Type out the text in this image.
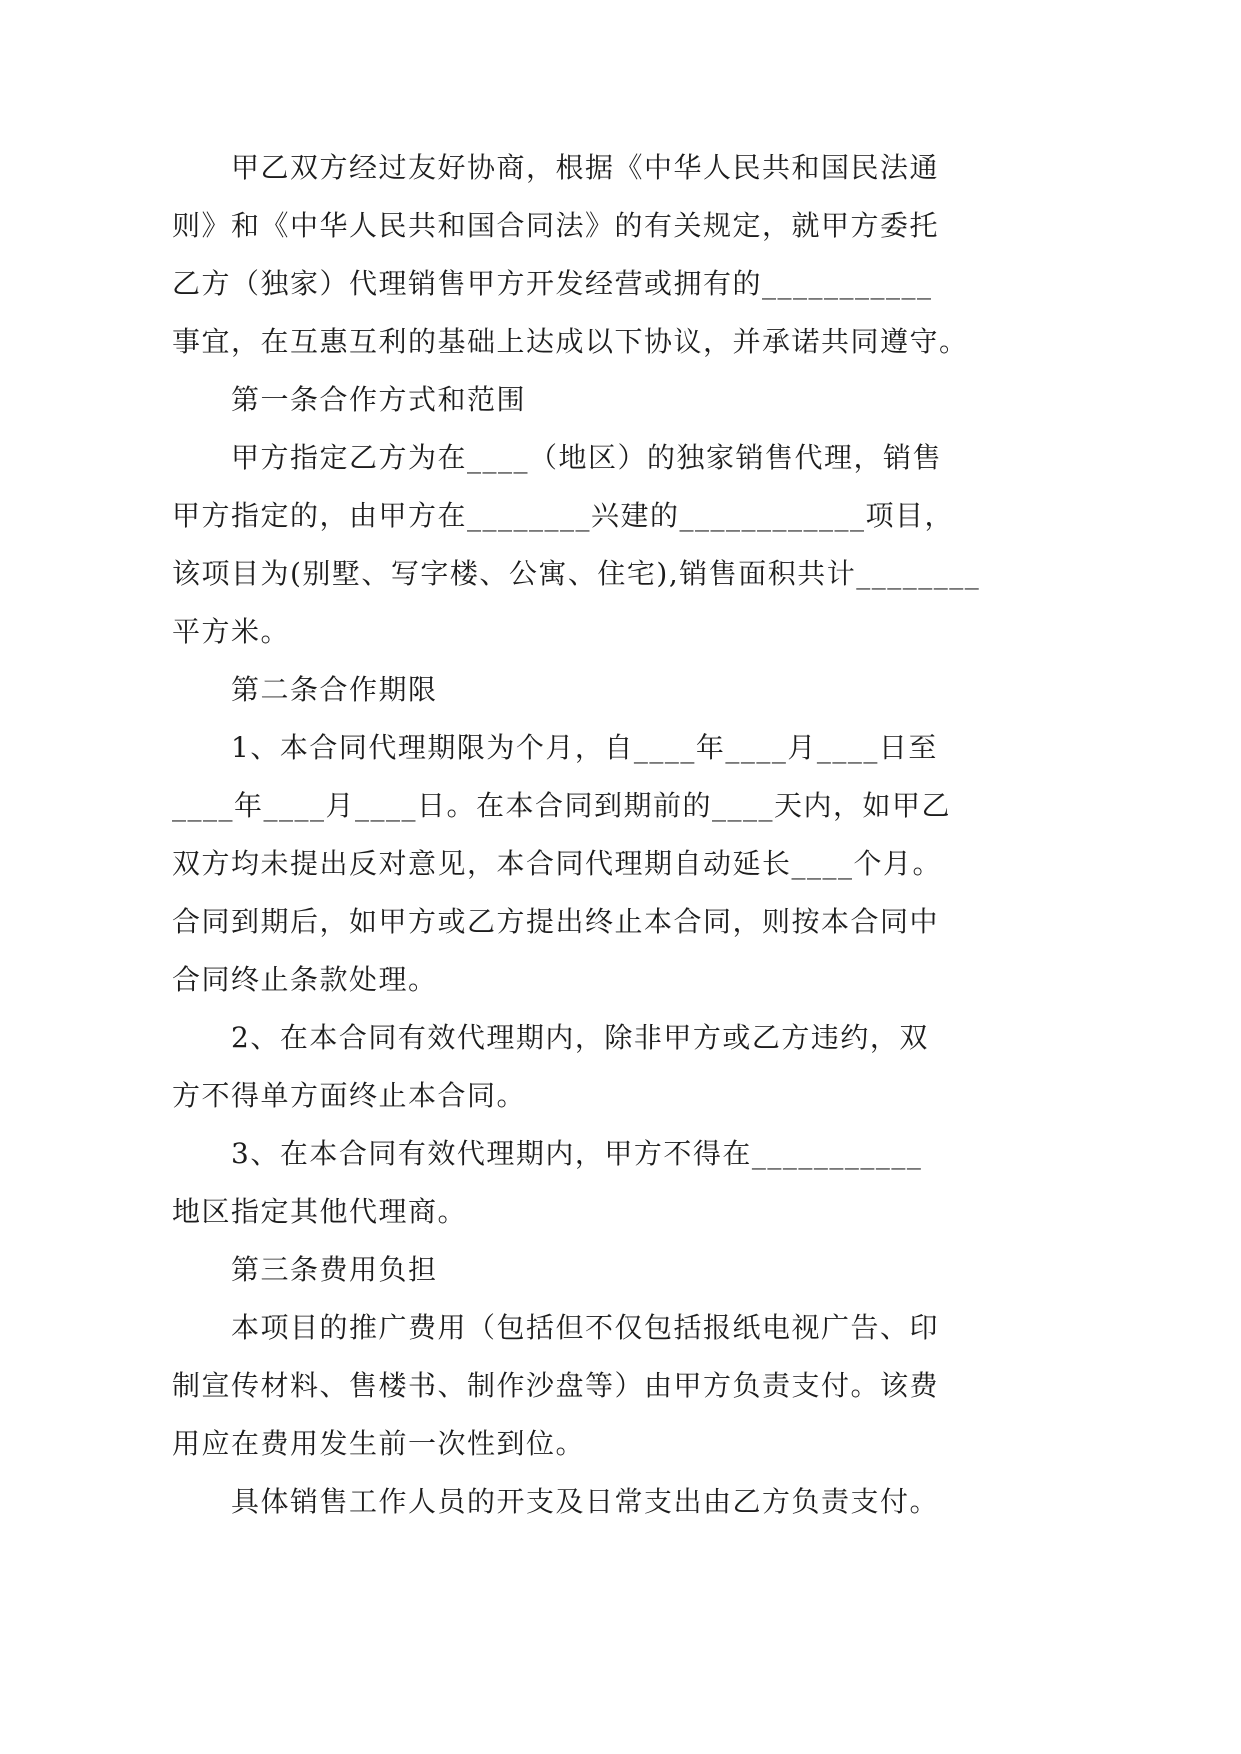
甲乙双方经过友好协商，根据《中华人民共和国民法通
则》和《中华人民共和国合同法》的有关规定，就甲方委托
乙方（独家）代理销售甲方开发经营或拥有的___________
事宜，在互惠互利的基础上达成以下协议，并承诺共同遵守。
第一条合作方式和范围
甲方指定乙方为在____（地区）的独家销售代理，销售
甲方指定的，由甲方在________兴建的____________项目，
该项目为(别墅、写字楼、公寓、住宅),销售面积共计________
平方米。
第二条合作期限
1、本合同代理期限为个月，自____年____月____日至
____年____月____日。在本合同到期前的____天内，如甲乙
双方均未提出反对意见，本合同代理期自动延长____个月。
合同到期后，如甲方或乙方提出终止本合同，则按本合同中
合同终止条款处理。
2、在本合同有效代理期内，除非甲方或乙方违约，双
方不得单方面终止本合同。
3、在本合同有效代理期内，甲方不得在___________
地区指定其他代理商。
第三条费用负担
本项目的推广费用（包括但不仅包括报纸电视广告、印
制宣传材料、售楼书、制作沙盘等）由甲方负责支付。该费
用应在费用发生前一次性到位。
具体销售工作人员的开支及日常支出由乙方负责支付。
